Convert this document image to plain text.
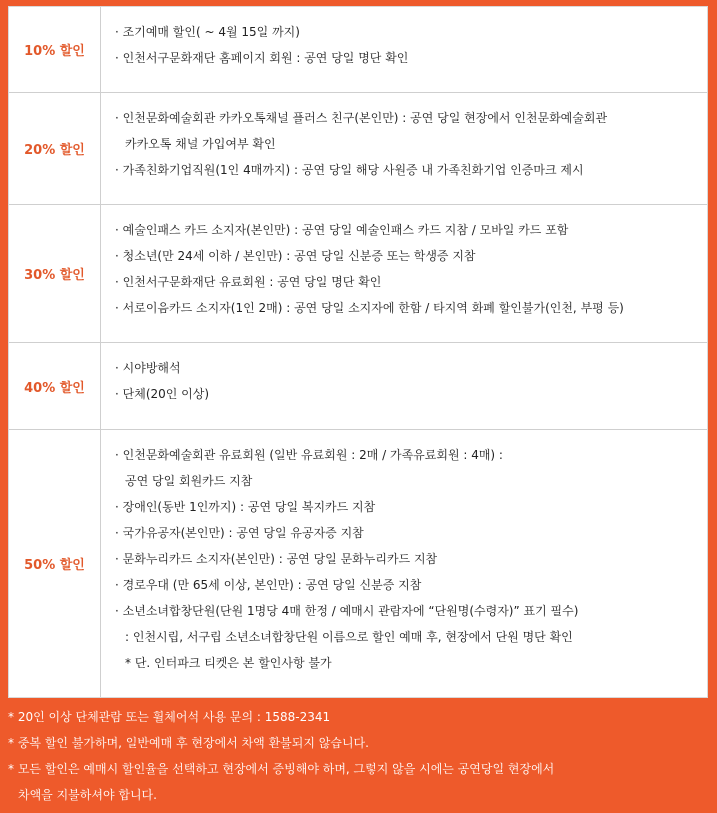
10% 할인
· 조기예매 할인( ~ 4월 15일 까지)
· 인천서구문화재단 홈페이지 회원 : 공연 당일 명단 확인
20% 할인
· 인천문화예술회관 카카오톡채널 플러스 친구(본인만) : 공연 당일 현장에서 인천문화예술회관
카카오톡 채널 가입여부 확인
· 가족친화기업직원(1인 4매까지) : 공연 당일 해당 사원증 내 가족친화기업 인증마크 제시
30% 할인
· 예술인패스 카드 소지자(본인만) : 공연 당일 예술인패스 카드 지참 / 모바일 카드 포함
· 청소년(만 24세 이하 / 본인만) : 공연 당일 신분증 또는 학생증 지참
· 인천서구문화재단 유료회원 : 공연 당일 명단 확인
· 서로이음카드 소지자(1인 2매) : 공연 당일 소지자에 한함 / 타지역 화폐 할인불가(인천, 부평 등)
40% 할인
· 시야방해석
· 단체(20인 이상)
50% 할인
· 인천문화예술회관 유료회원 (일반 유료회원 : 2매 / 가족유료회원 : 4매) :
공연 당일 회원카드 지참
· 장애인(동반 1인까지) : 공연 당일 복지카드 지참
· 국가유공자(본인만) : 공연 당일 유공자증 지참
· 문화누리카드 소지자(본인만) : 공연 당일 문화누리카드 지참
· 경로우대 (만 65세 이상, 본인만) : 공연 당일 신분증 지참
· 소년소녀합창단원(단원 1명당 4매 한정 / 예매시 관람자에 “단원명(수령자)” 표기 필수)
: 인천시립, 서구립 소년소녀합창단원 이름으로 할인 예매 후, 현장에서 단원 명단 확인
* 단. 인터파크 티켓은 본 할인사항 불가
* 20인 이상 단체관람 또는 휠체어석 사용 문의 : 1588-2341
* 중복 할인 불가하며, 일반예매 후 현장에서 차액 환불되지 않습니다.
* 모든 할인은 예매시 할인율을 선택하고 현장에서 증빙해야 하며, 그렇지 않을 시에는 공연당일 현장에서
차액을 지불하셔야 합니다.
